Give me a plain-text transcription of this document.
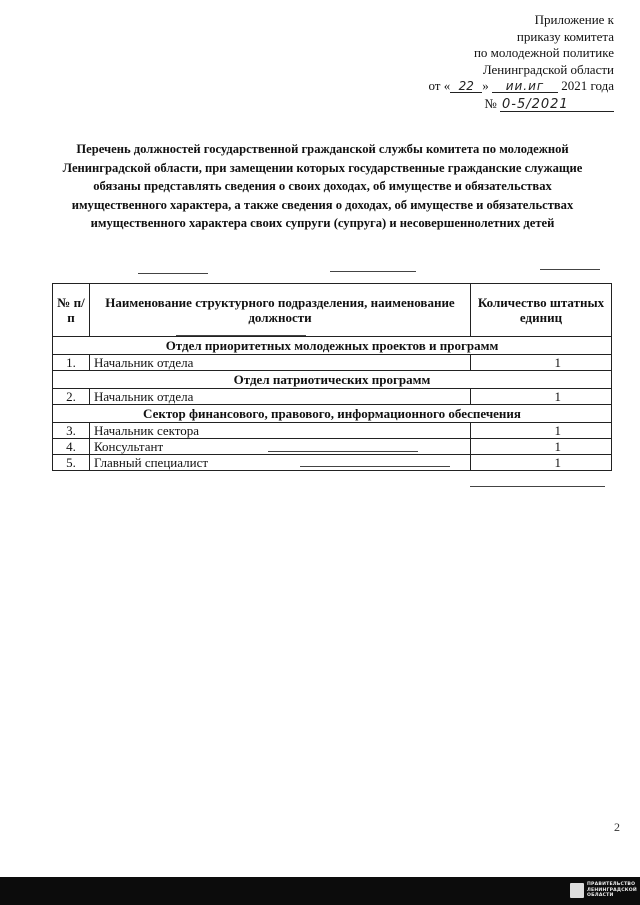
Приложение к
приказу комитета
по молодежной политике
Ленинградской области
от « 22 » ии.иг 2021 года
№ 0-5/2021
Перечень должностей государственной гражданской службы комитета по молодежной Ленинградской области, при замещении которых государственные гражданские служащие обязаны представлять сведения о своих доходах, об имуществе и обязательствах имущественного характера, а также сведения о доходах, об имуществе и обязательствах имущественного характера своих супруги (супруга) и несовершеннолетних детей
№ п/п	Наименование структурного подразделения, наименование должности	Количество штатных единиц
Отдел приоритетных молодежных проектов и программ		
1.	Начальник отдела	1
Отдел патриотических программ		
2.	Начальник отдела	1
Сектор финансового, правового, информационного обеспечения		
3.	Начальник сектора	1
4.	Консультант	1
5.	Главный специалист	1
2
ПРАВИТЕЛЬСТВО
ЛЕНИНГРАДСКОЙ
ОБЛАСТИ
